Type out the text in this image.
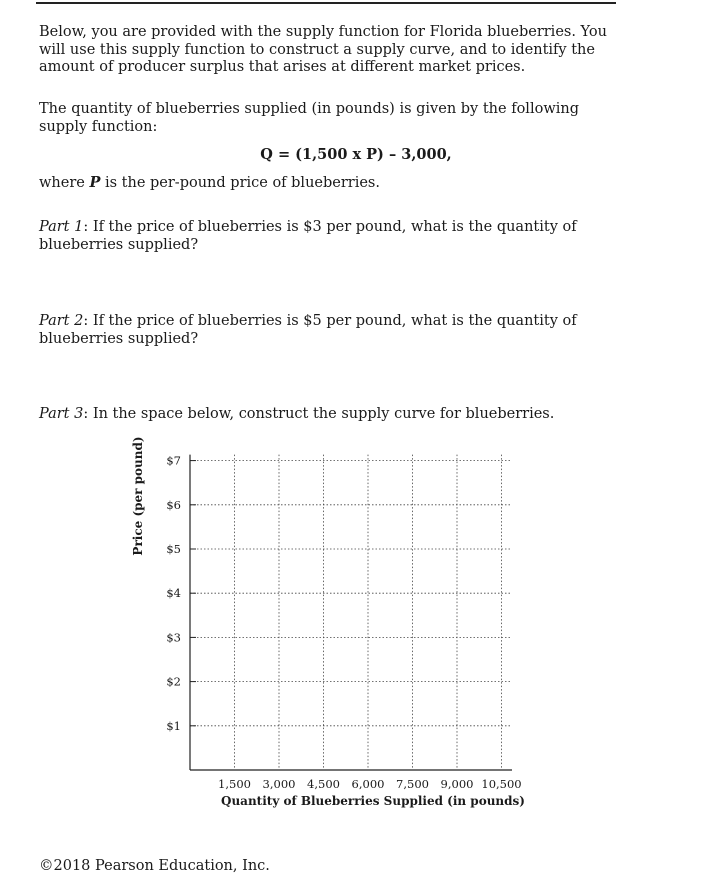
Below, you are provided with the supply function for Florida blueberries. You will use this supply function to construct a supply curve, and to identify the amount of producer surplus that arises at different market prices.

The quantity of blueberries supplied (in pounds) is given by the following supply function:

Q = (1,500 x P) – 3,000,

where P is the per-pound price of blueberries.

Part 1: If the price of blueberries is $3 per pound, what is the quantity of blueberries supplied?

Part 2: If the price of blueberries is $5 per pound, what is the quantity of blueberries supplied?

Part 3: In the space below, construct the supply curve for blueberries.

$1
$2
$3
$4
$5
$6
$7
1,500 3,000 4,500 6,000 7,500 9,000 10,500
Quantity of Blueberries Supplied (in pounds)
Price (per pound)
©2018 Pearson Education, Inc.
